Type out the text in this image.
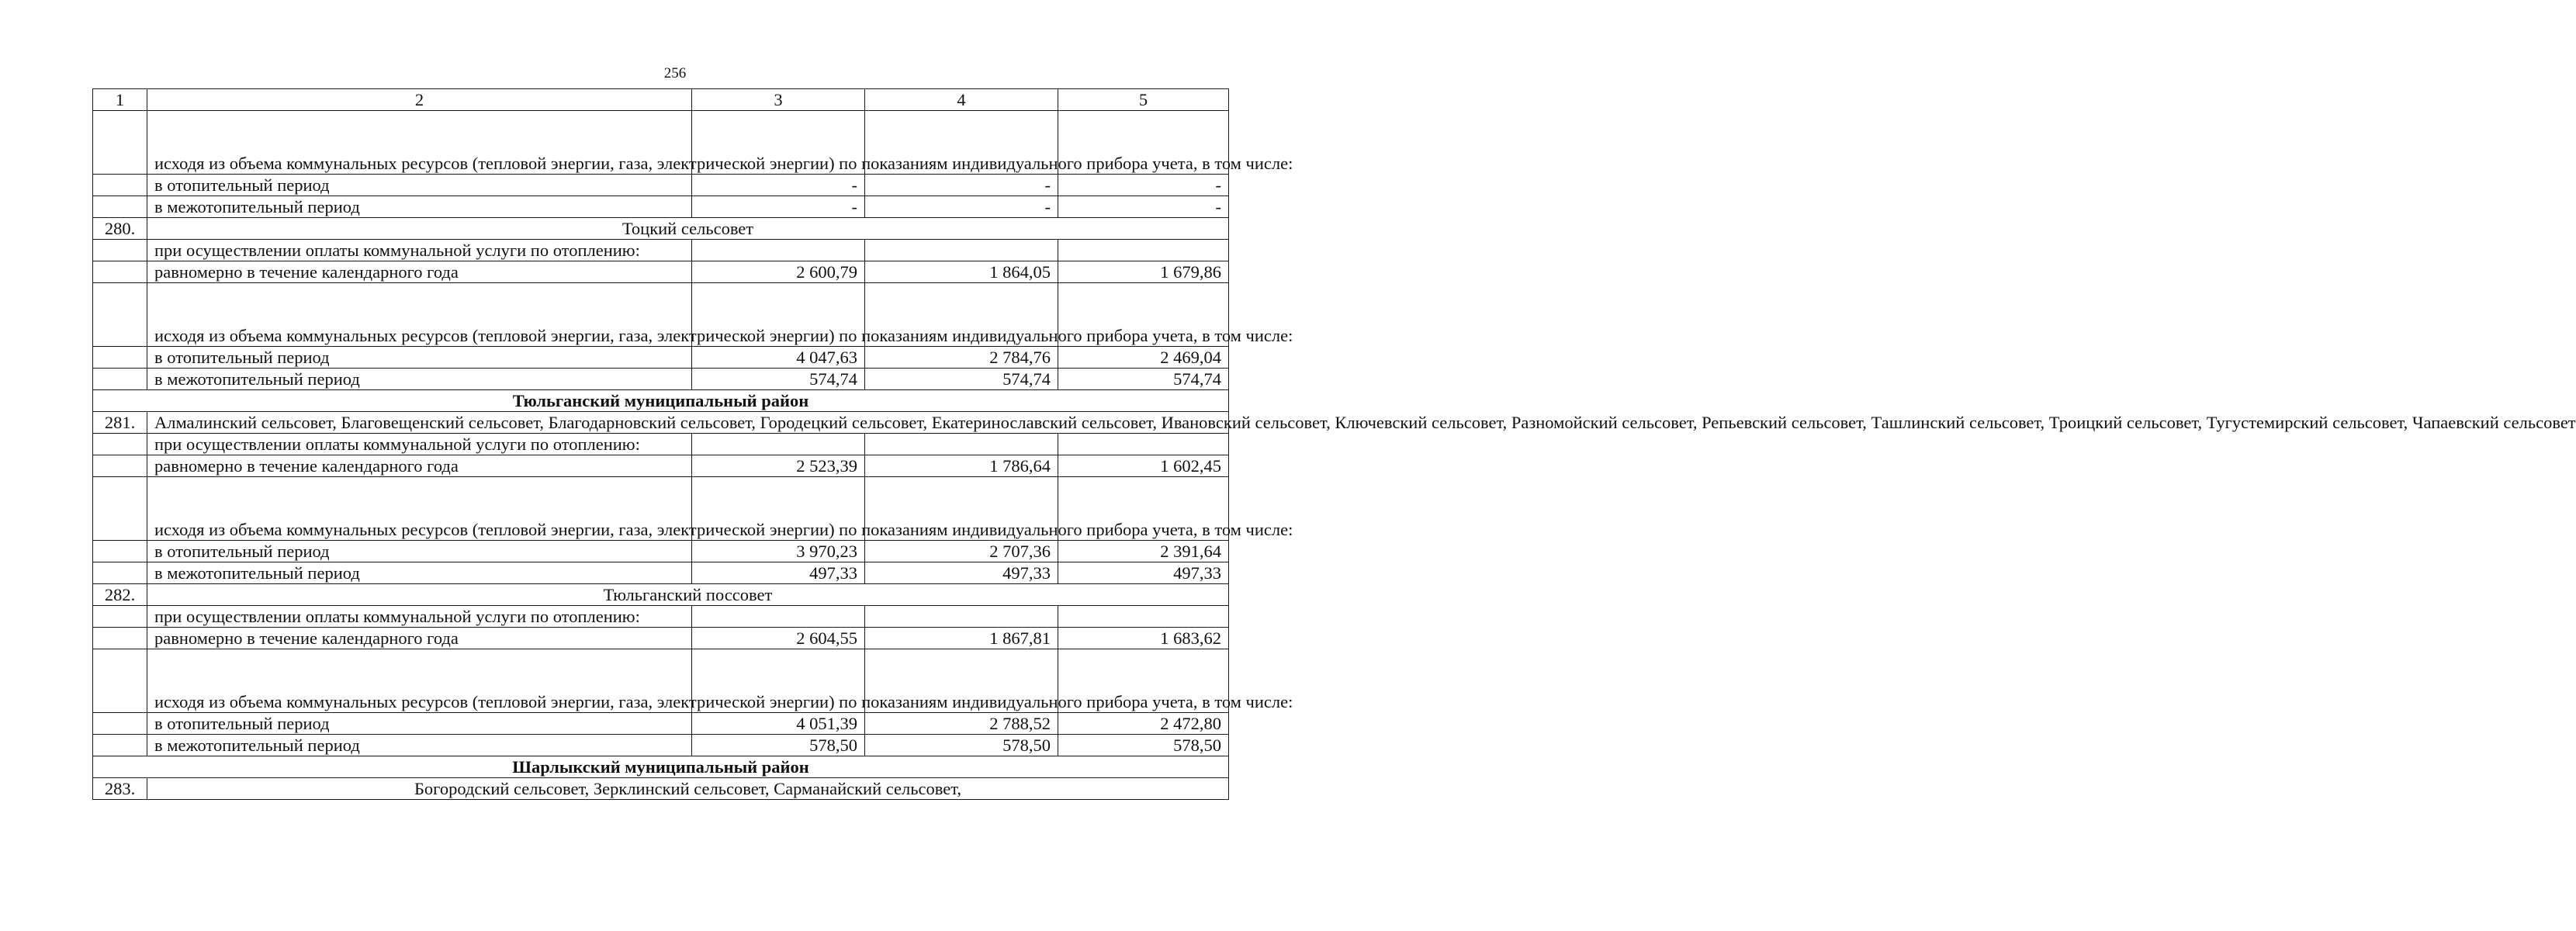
256
1	2	3	4	5
	исходя из объема коммунальных ресурсов (тепловой энергии, газа, электрической энергии) по показаниям индивидуального прибора учета, в том числе:			
	в отопительный период	-	-	-
	в межотопительный период	-	-	-
280.	Тоцкий сельсовет			
	при осуществлении оплаты коммунальной услуги по отоплению:			
	равномерно в течение календарного года	2 600,79	1 864,05	1 679,86
	исходя из объема коммунальных ресурсов (тепловой энергии, газа, электрической энергии) по показаниям индивидуального прибора учета, в том числе:			
	в отопительный период	4 047,63	2 784,76	2 469,04
	в межотопительный период	574,74	574,74	574,74
Тюльганский муниципальный район				
281.	Алмалинский сельсовет, Благовещенский сельсовет, Благодарновский сельсовет, Городецкий сельсовет, Екатеринославский сельсовет, Ивановский сельсовет, Ключевский сельсовет, Разномойский сельсовет, Репьевский сельсовет, Ташлинский сельсовет, Троицкий сельсовет, Тугустемирский сельсовет, Чапаевский сельсовет			
	при осуществлении оплаты коммунальной услуги по отоплению:			
	равномерно в течение календарного года	2 523,39	1 786,64	1 602,45
	исходя из объема коммунальных ресурсов (тепловой энергии, газа, электрической энергии) по показаниям индивидуального прибора учета, в том числе:			
	в отопительный период	3 970,23	2 707,36	2 391,64
	в межотопительный период	497,33	497,33	497,33
282.	Тюльганский поссовет			
	при осуществлении оплаты коммунальной услуги по отоплению:			
	равномерно в течение календарного года	2 604,55	1 867,81	1 683,62
	исходя из объема коммунальных ресурсов (тепловой энергии, газа, электрической энергии) по показаниям индивидуального прибора учета, в том числе:			
	в отопительный период	4 051,39	2 788,52	2 472,80
	в межотопительный период	578,50	578,50	578,50
Шарлыкский муниципальный район				
283.	Богородский сельсовет, Зерклинский сельсовет, Сарманайский сельсовет,			
